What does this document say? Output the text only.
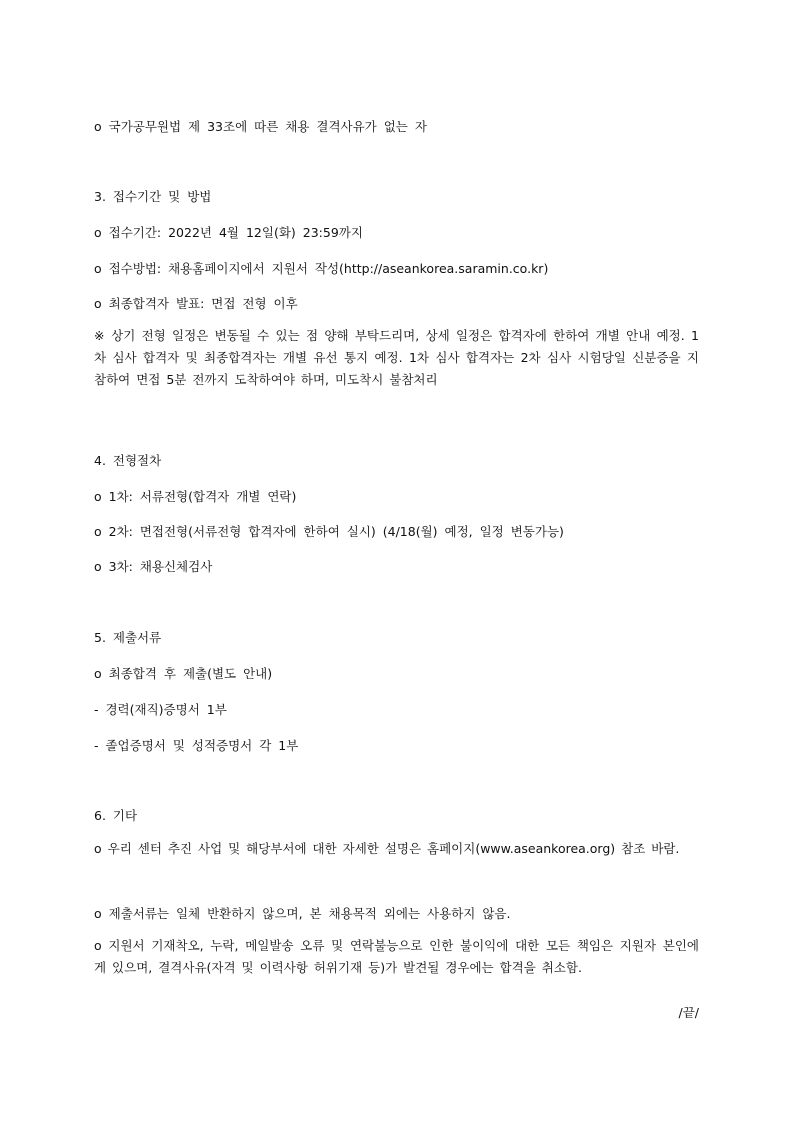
o 국가공무원법 제 33조에 따른 채용 결격사유가 없는 자
3. 접수기간 및 방법
o 접수기간: 2022년 4월 12일(화) 23:59까지
o 접수방법: 채용홈페이지에서 지원서 작성(http://aseankorea.saramin.co.kr)
o 최종합격자 발표: 면접 전형 이후
※ 상기 전형 일정은 변동될 수 있는 점 양해 부탁드리며, 상세 일정은 합격자에 한하여 개별 안내 예정. 1차 심사 합격자 및 최종합격자는 개별 유선 통지 예정. 1차 심사 합격자는 2차 심사 시험당일 신분증을 지참하여 면접 5분 전까지 도착하여야 하며, 미도착시 불참처리
4. 전형절차
o 1차: 서류전형(합격자 개별 연락)
o 2차: 면접전형(서류전형 합격자에 한하여 실시) (4/18(월) 예정, 일정 변동가능)
o 3차: 채용신체검사
5. 제출서류
o 최종합격 후 제출(별도 안내)
- 경력(재직)증명서 1부
- 졸업증명서 및 성적증명서 각 1부
6. 기타
o 우리 센터 추진 사업 및 해당부서에 대한 자세한 설명은 홈페이지(www.aseankorea.org) 참조 바람.
o 제출서류는 일체 반환하지 않으며, 본 채용목적 외에는 사용하지 않음.
o 지원서 기재착오, 누락, 메일발송 오류 및 연락불능으로 인한 불이익에 대한 모든 책임은 지원자 본인에게 있으며, 결격사유(자격 및 이력사항 허위기재 등)가 발견될 경우에는 합격을 취소함.
/끝/
